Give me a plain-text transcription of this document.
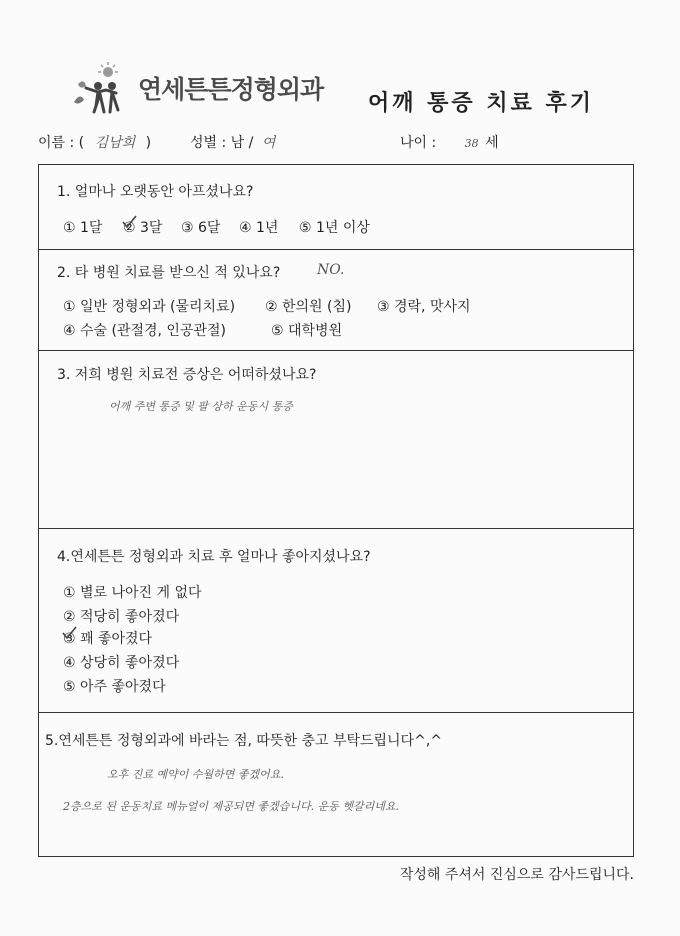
연세튼튼정형외과 어깨 통증 치료 후기
이름 : ( 김남희 )	성별 : 남 / 여	나이 :	38 세
1. 얼마나 오랫동안 아프셨나요?
① 1달 ② 3달 ③ 6달 ④ 1년 ⑤ 1년 이상
2. 타 병원 치료를 받으신 적 있나요?	NO.
① 일반 정형외과 (물리치료) ② 한의원 (침) ③ 경락, 맛사지
④ 수술 (관절경, 인공관절)	⑤ 대학병원
3. 저희 병원 치료전 증상은 어떠하셨나요?
어깨 주변 통증 및 팔 상하 운동시 통증
4.연세튼튼 정형외과 치료 후 얼마나 좋아지셨나요?
① 별로 나아진 게 없다
② 적당히 좋아졌다
③ 꽤 좋아졌다
④ 상당히 좋아졌다
⑤ 아주 좋아졌다
5.연세튼튼 정형외과에 바라는 점, 따뜻한 충고 부탁드립니다^,^
오후 진료 예약이 수월하면 좋겠어요.
2층으로 된 운동치료 메뉴얼이 제공되면 좋겠습니다. 운동 헷갈리네요.
작성해 주셔서 진심으로 감사드립니다.
